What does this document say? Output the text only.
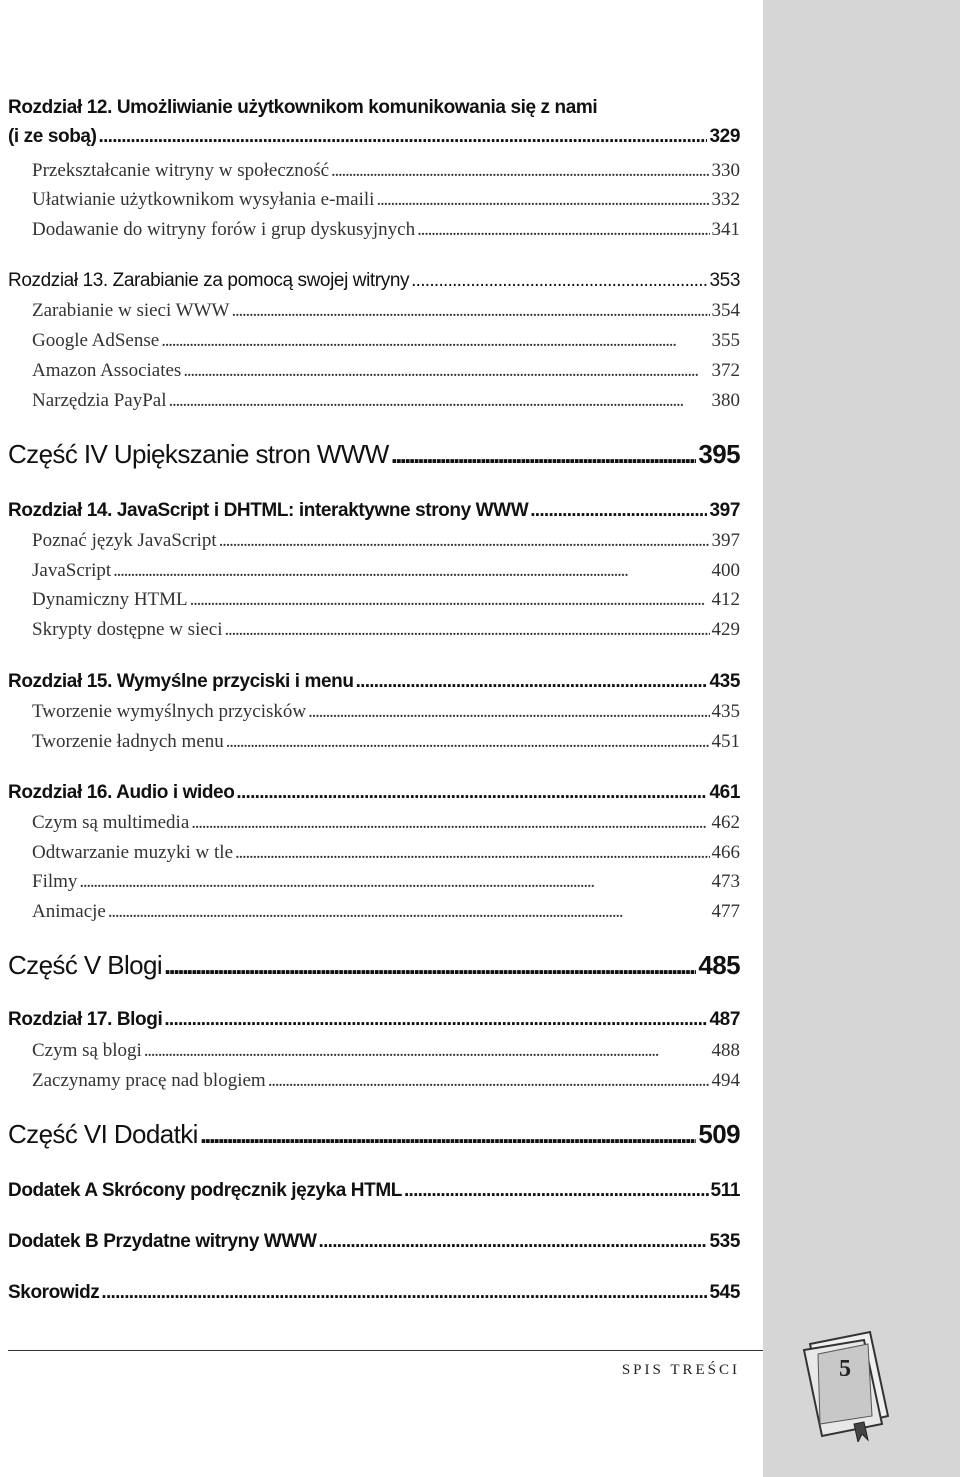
Rozdział 12. Umożliwianie użytkownikom komunikowania się z nami
(i ze sobą) . . .	329
Przekształcanie witryny w społeczność . . .	330
Ułatwianie użytkownikom wysyłania e-maili . . .	332
Dodawanie do witryny forów i grup dyskusyjnych . . .	341
Rozdział 13. Zarabianie za pomocą swojej witryny . . .	353
Zarabianie w sieci WWW . . .	354
Google AdSense . . .	355
Amazon Associates . . .	372
Narzędzia PayPal . . .	380
Część IV Upiększanie stron WWW . . .	395
Rozdział 14. JavaScript i DHTML: interaktywne strony WWW . . .	397
Poznać język JavaScript . . .	397
JavaScript . . .	400
Dynamiczny HTML . . .	412
Skrypty dostępne w sieci . . .	429
Rozdział 15. Wymyślne przyciski i menu . . .	435
Tworzenie wymyślnych przycisków . . .	435
Tworzenie ładnych menu . . .	451
Rozdział 16. Audio i wideo . . .	461
Czym są multimedia . . .	462
Odtwarzanie muzyki w tle . . .	466
Filmy . . .	473
Animacje . . .	477
Część V Blogi . . .	485
Rozdział 17. Blogi . . .	487
Czym są blogi . . .	488
Zaczynamy pracę nad blogiem . . .	494
Część VI Dodatki . . .	509
Dodatek A Skrócony podręcznik języka HTML . . .	511
Dodatek B Przydatne witryny WWW . . .	535
Skorowidz . . .	545
SPIS TREŚCI	5
